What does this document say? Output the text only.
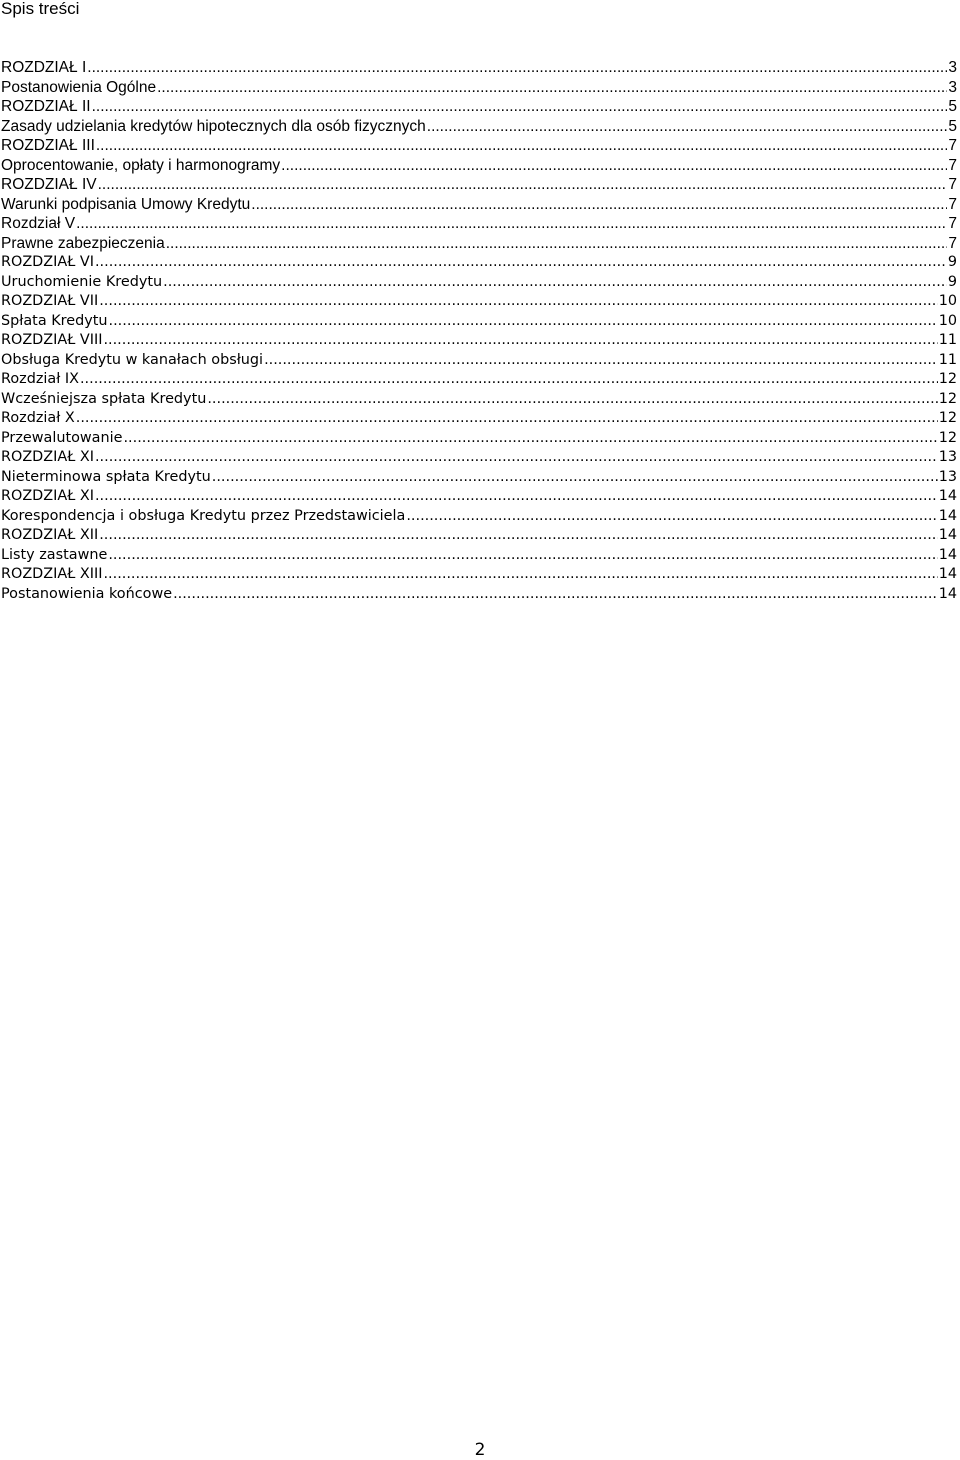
Spis treści
ROZDZIAŁ I .....	3
Postanowienia Ogólne .....	3
ROZDZIAŁ II .....	5
Zasady udzielania kredytów hipotecznych dla osób fizycznych .....	5
ROZDZIAŁ III .....	7
Oprocentowanie, opłaty i harmonogramy .....	7
ROZDZIAŁ IV .....	7
Warunki podpisania Umowy Kredytu .....	7
Rozdział V .....	7
Prawne zabezpieczenia .....	7
ROZDZIAŁ VI .....	9
Uruchomienie Kredytu .....	9
ROZDZIAŁ VII .....	10
Spłata Kredytu .....	10
ROZDZIAŁ VIII .....	11
Obsługa Kredytu w kanałach obsługi .....	11
Rozdział IX .....	12
Wcześniejsza spłata Kredytu .....	12
Rozdział X .....	12
Przewalutowanie .....	12
ROZDZIAŁ XI .....	13
Nieterminowa spłata Kredytu .....	13
ROZDZIAŁ XI .....	14
Korespondencja i obsługa Kredytu przez Przedstawiciela .....	14
ROZDZIAŁ XII .....	14
Listy zastawne .....	14
ROZDZIAŁ XIII .....	14
Postanowienia końcowe .....	14
2
